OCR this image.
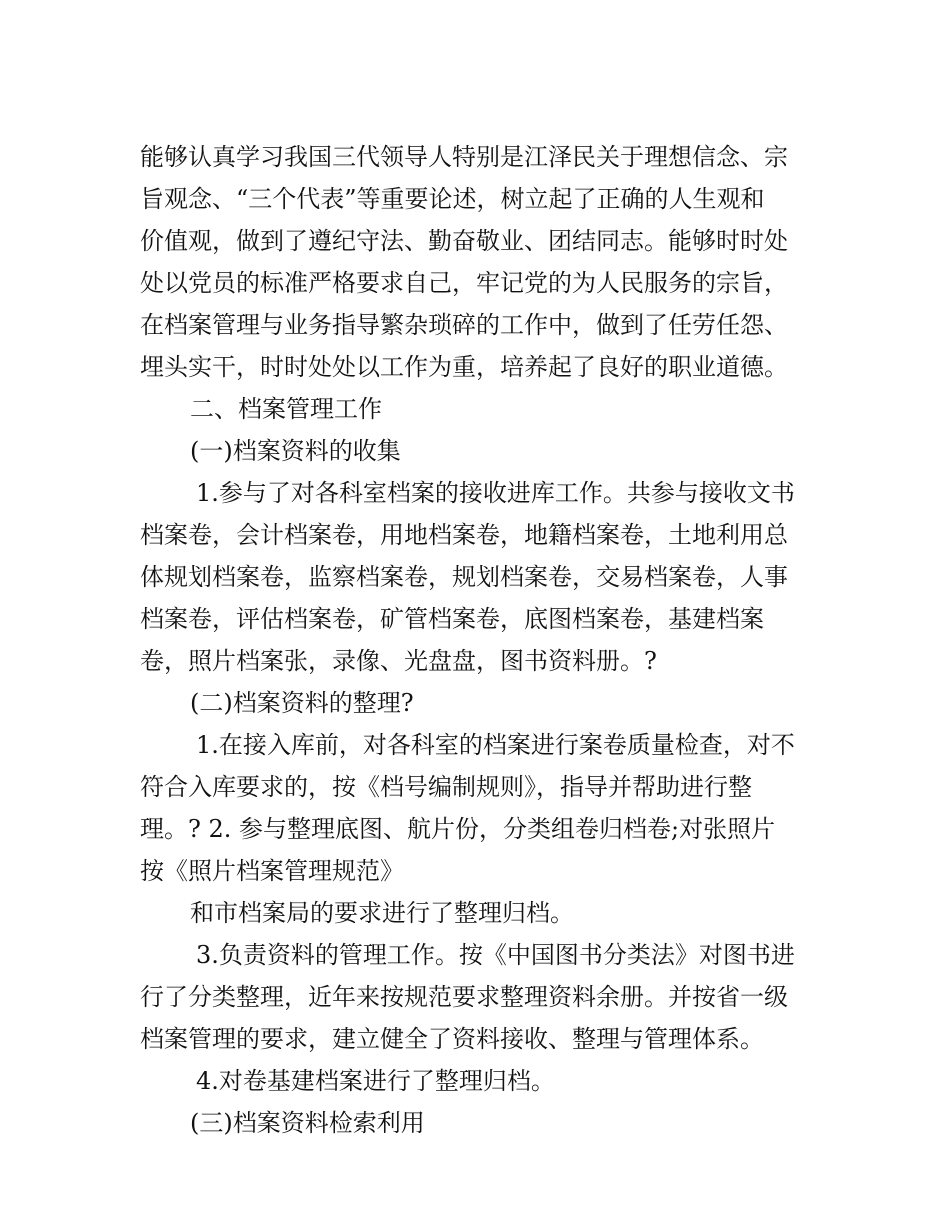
能够认真学习我国三代领导人特别是江泽民关于理想信念、宗
旨观念、“三个代表”等重要论述，树立起了正确的人生观和
价值观，做到了遵纪守法、勤奋敬业、团结同志。能够时时处
处以党员的标准严格要求自己，牢记党的为人民服务的宗旨，
在档案管理与业务指导繁杂琐碎的工作中，做到了任劳任怨、
埋头实干，时时处处以工作为重，培养起了良好的职业道德。
二、档案管理工作
(一)档案资料的收集
1.参与了对各科室档案的接收进库工作。共参与接收文书
档案卷，会计档案卷，用地档案卷，地籍档案卷，土地利用总
体规划档案卷，监察档案卷，规划档案卷，交易档案卷，人事
档案卷，评估档案卷，矿管档案卷，底图档案卷，基建档案
卷，照片档案张，录像、光盘盘，图书资料册。?
(二)档案资料的整理?
1.在接入库前，对各科室的档案进行案卷质量检查，对不
符合入库要求的，按《档号编制规则》，指导并帮助进行整
理。? 2. 参与整理底图、航片份，分类组卷归档卷;对张照片
按《照片档案管理规范》
和市档案局的要求进行了整理归档。
3.负责资料的管理工作。按《中国图书分类法》对图书进
行了分类整理，近年来按规范要求整理资料余册。并按省一级
档案管理的要求，建立健全了资料接收、整理与管理体系。
4.对卷基建档案进行了整理归档。
(三)档案资料检索利用
